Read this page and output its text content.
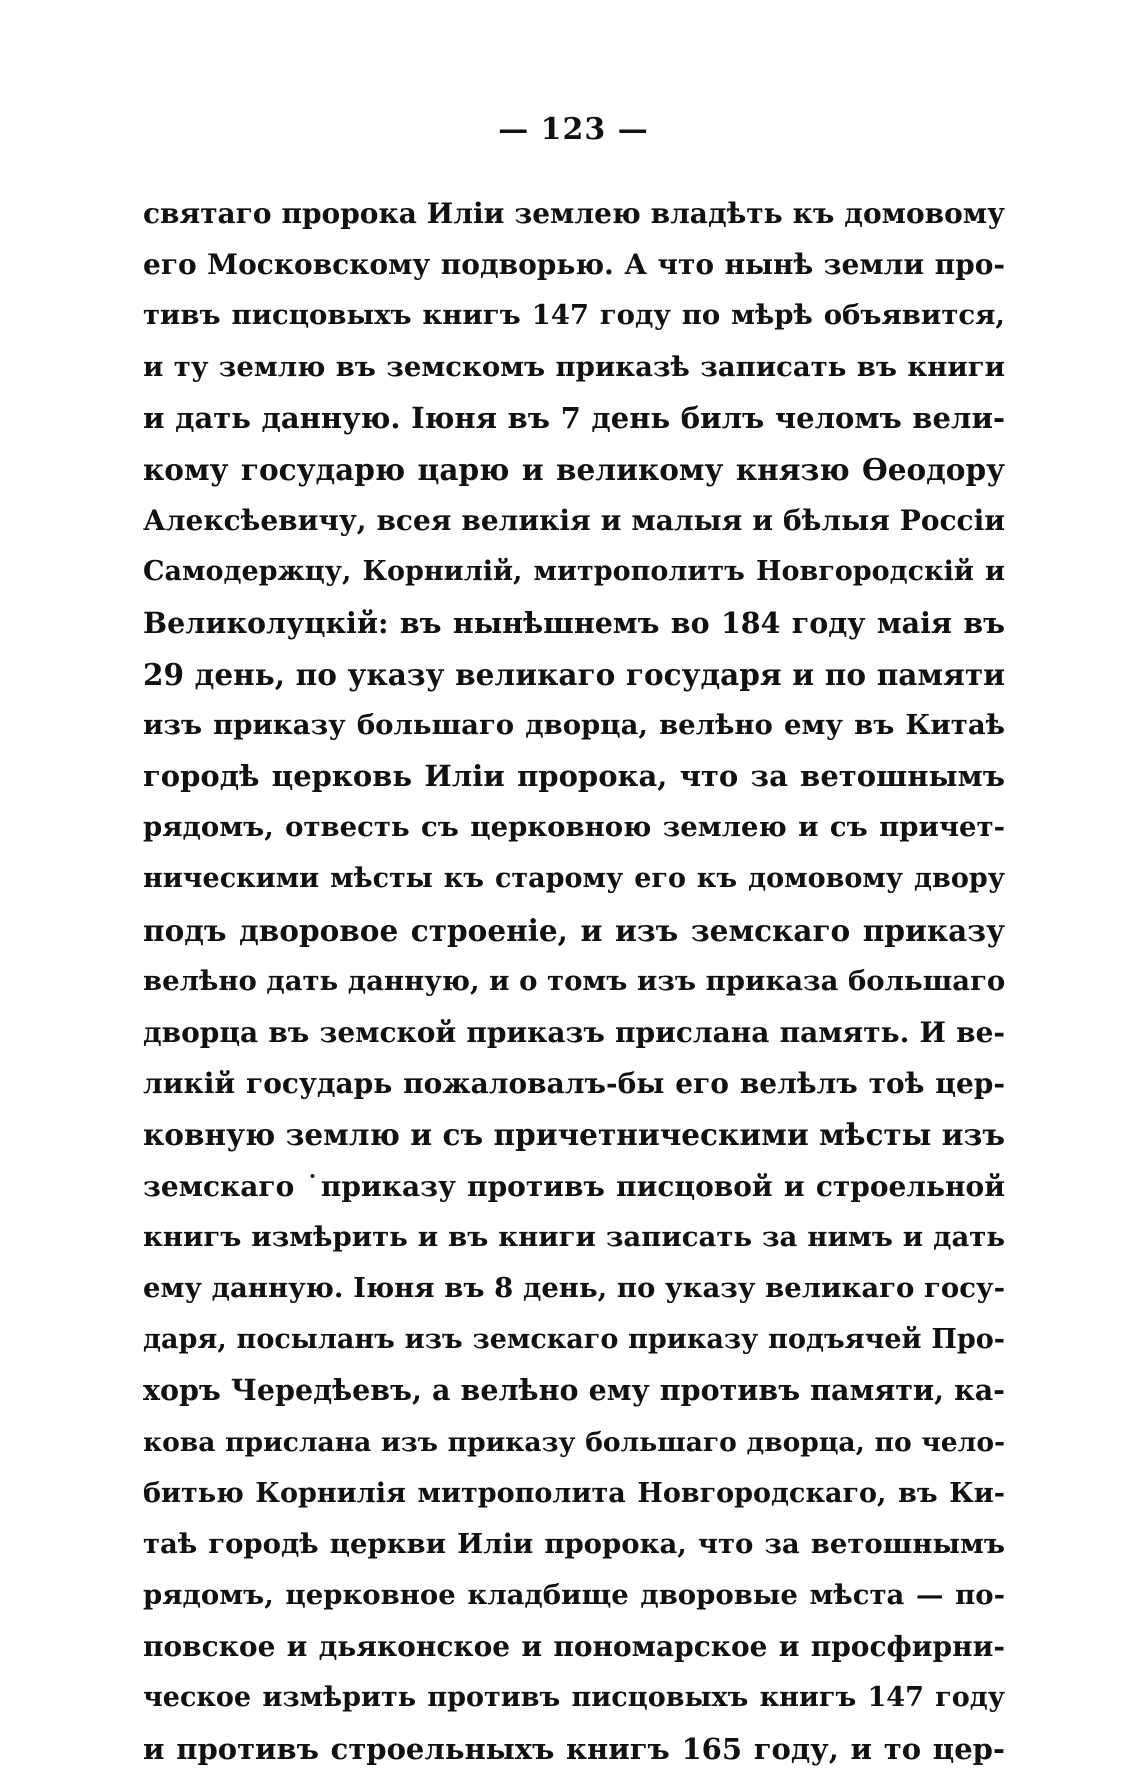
— 123 —
святаго пророка Илiи землею владѣть къ домовому
его Московскому подворью. А что нынѣ земли про-
тивъ писцовыхъ книгъ 147 году по мѣрѣ объявится,
и ту землю въ земскомъ приказѣ записать въ книги
и дать данную. Iюня въ 7 день билъ челомъ вели-
кому государю царю и великому князю Өеодору
Алексѣевичу, всея великiя и малыя и бѣлыя Россiи
Самодержцу, Корнилiй, митрополитъ Новгородскiй и
Великолуцкiй: въ нынѣшнемъ во 184 году маiя въ
29 день, по указу великаго государя и по памяти
изъ приказу большаго дворца, велѣно ему въ Китаѣ
городѣ церковь Илiи пророка, что за ветошнымъ
рядомъ, отвесть съ церковною землею и съ причет-
ническими мѣсты къ старому его къ домовому двору
подъ дворовое строенiе, и изъ земскаго приказу
велѣно дать данную, и о томъ изъ приказа большаго
дворца въ земской приказъ прислана память. И ве-
ликiй государь пожаловалъ-бы его велѣлъ тоѣ цер-
ковную землю и съ причетническими мѣсты изъ
земскаго ˙приказу противъ писцовой и строельной
книгъ измѣрить и въ книги записать за нимъ и дать
ему данную. Iюня въ 8 день, по указу великаго госу-
даря, посыланъ изъ земскаго приказу подъячей Про-
хоръ Чередѣевъ, а велѣно ему противъ памяти, ка-
кова прислана изъ приказу большаго дворца, по чело-
битью Корнилiя митрополита Новгородскаго, въ Ки-
таѣ городѣ церкви Илiи пророка, что за ветошнымъ
рядомъ, церковное кладбище дворовые мѣста — по-
повское и дьяконское и пономарское и просфирни-
ческое измѣрить противъ писцовыхъ книгъ 147 году
и противъ строельныхъ книгъ 165 году, и то цер-
